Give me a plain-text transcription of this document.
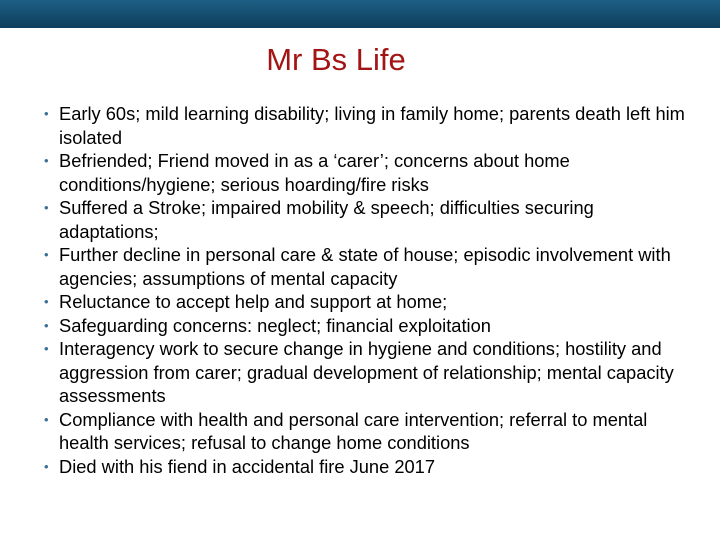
Mr Bs Life
• Early 60s; mild learning disability; living in family home; parents death left him isolated
• Befriended; Friend moved in as a ‘carer’; concerns about home conditions/hygiene; serious hoarding/fire risks
• Suffered a Stroke; impaired mobility & speech; difficulties securing adaptations;
• Further decline in personal care & state of house; episodic involvement with agencies; assumptions of mental capacity
• Reluctance to accept help and support at home;
• Safeguarding concerns: neglect; financial exploitation
• Interagency work to secure change in hygiene and conditions; hostility and aggression from carer; gradual development of relationship; mental capacity assessments
• Compliance with health and personal care intervention; referral to mental health services; refusal to change home conditions
• Died with his fiend in accidental fire June 2017
